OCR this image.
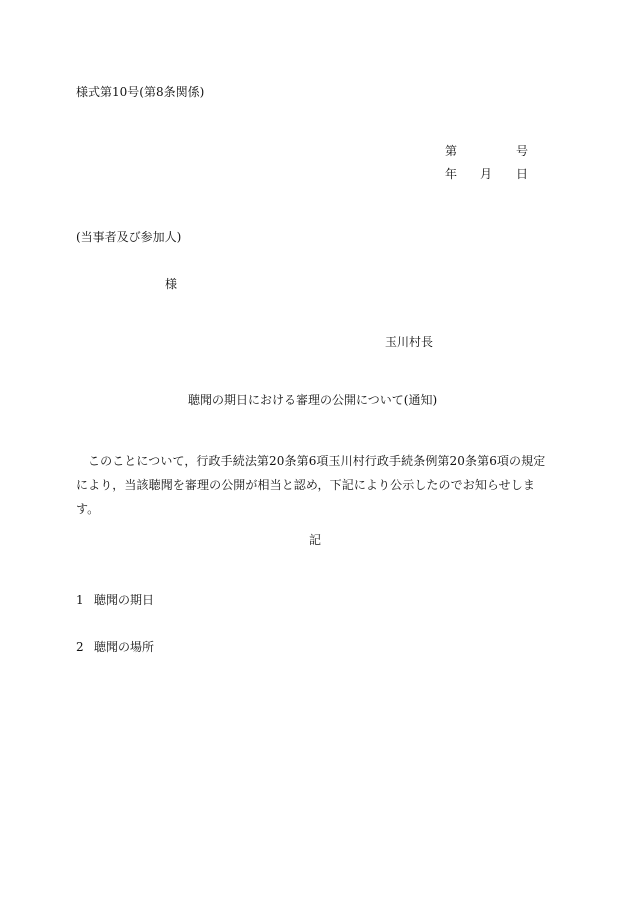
様式第10号(第8条関係)
第	号
年 月 日
(当事者及び参加人)
様
玉川村長
聴聞の期日における審理の公開について(通知)
このことについて，行政手続法第20条第6項玉川村行政手続条例第20条第6項の規定により，当該聴聞を審理の公開が相当と認め，下記により公示したのでお知らせします。
記
1 聴聞の期日
2 聴聞の場所
